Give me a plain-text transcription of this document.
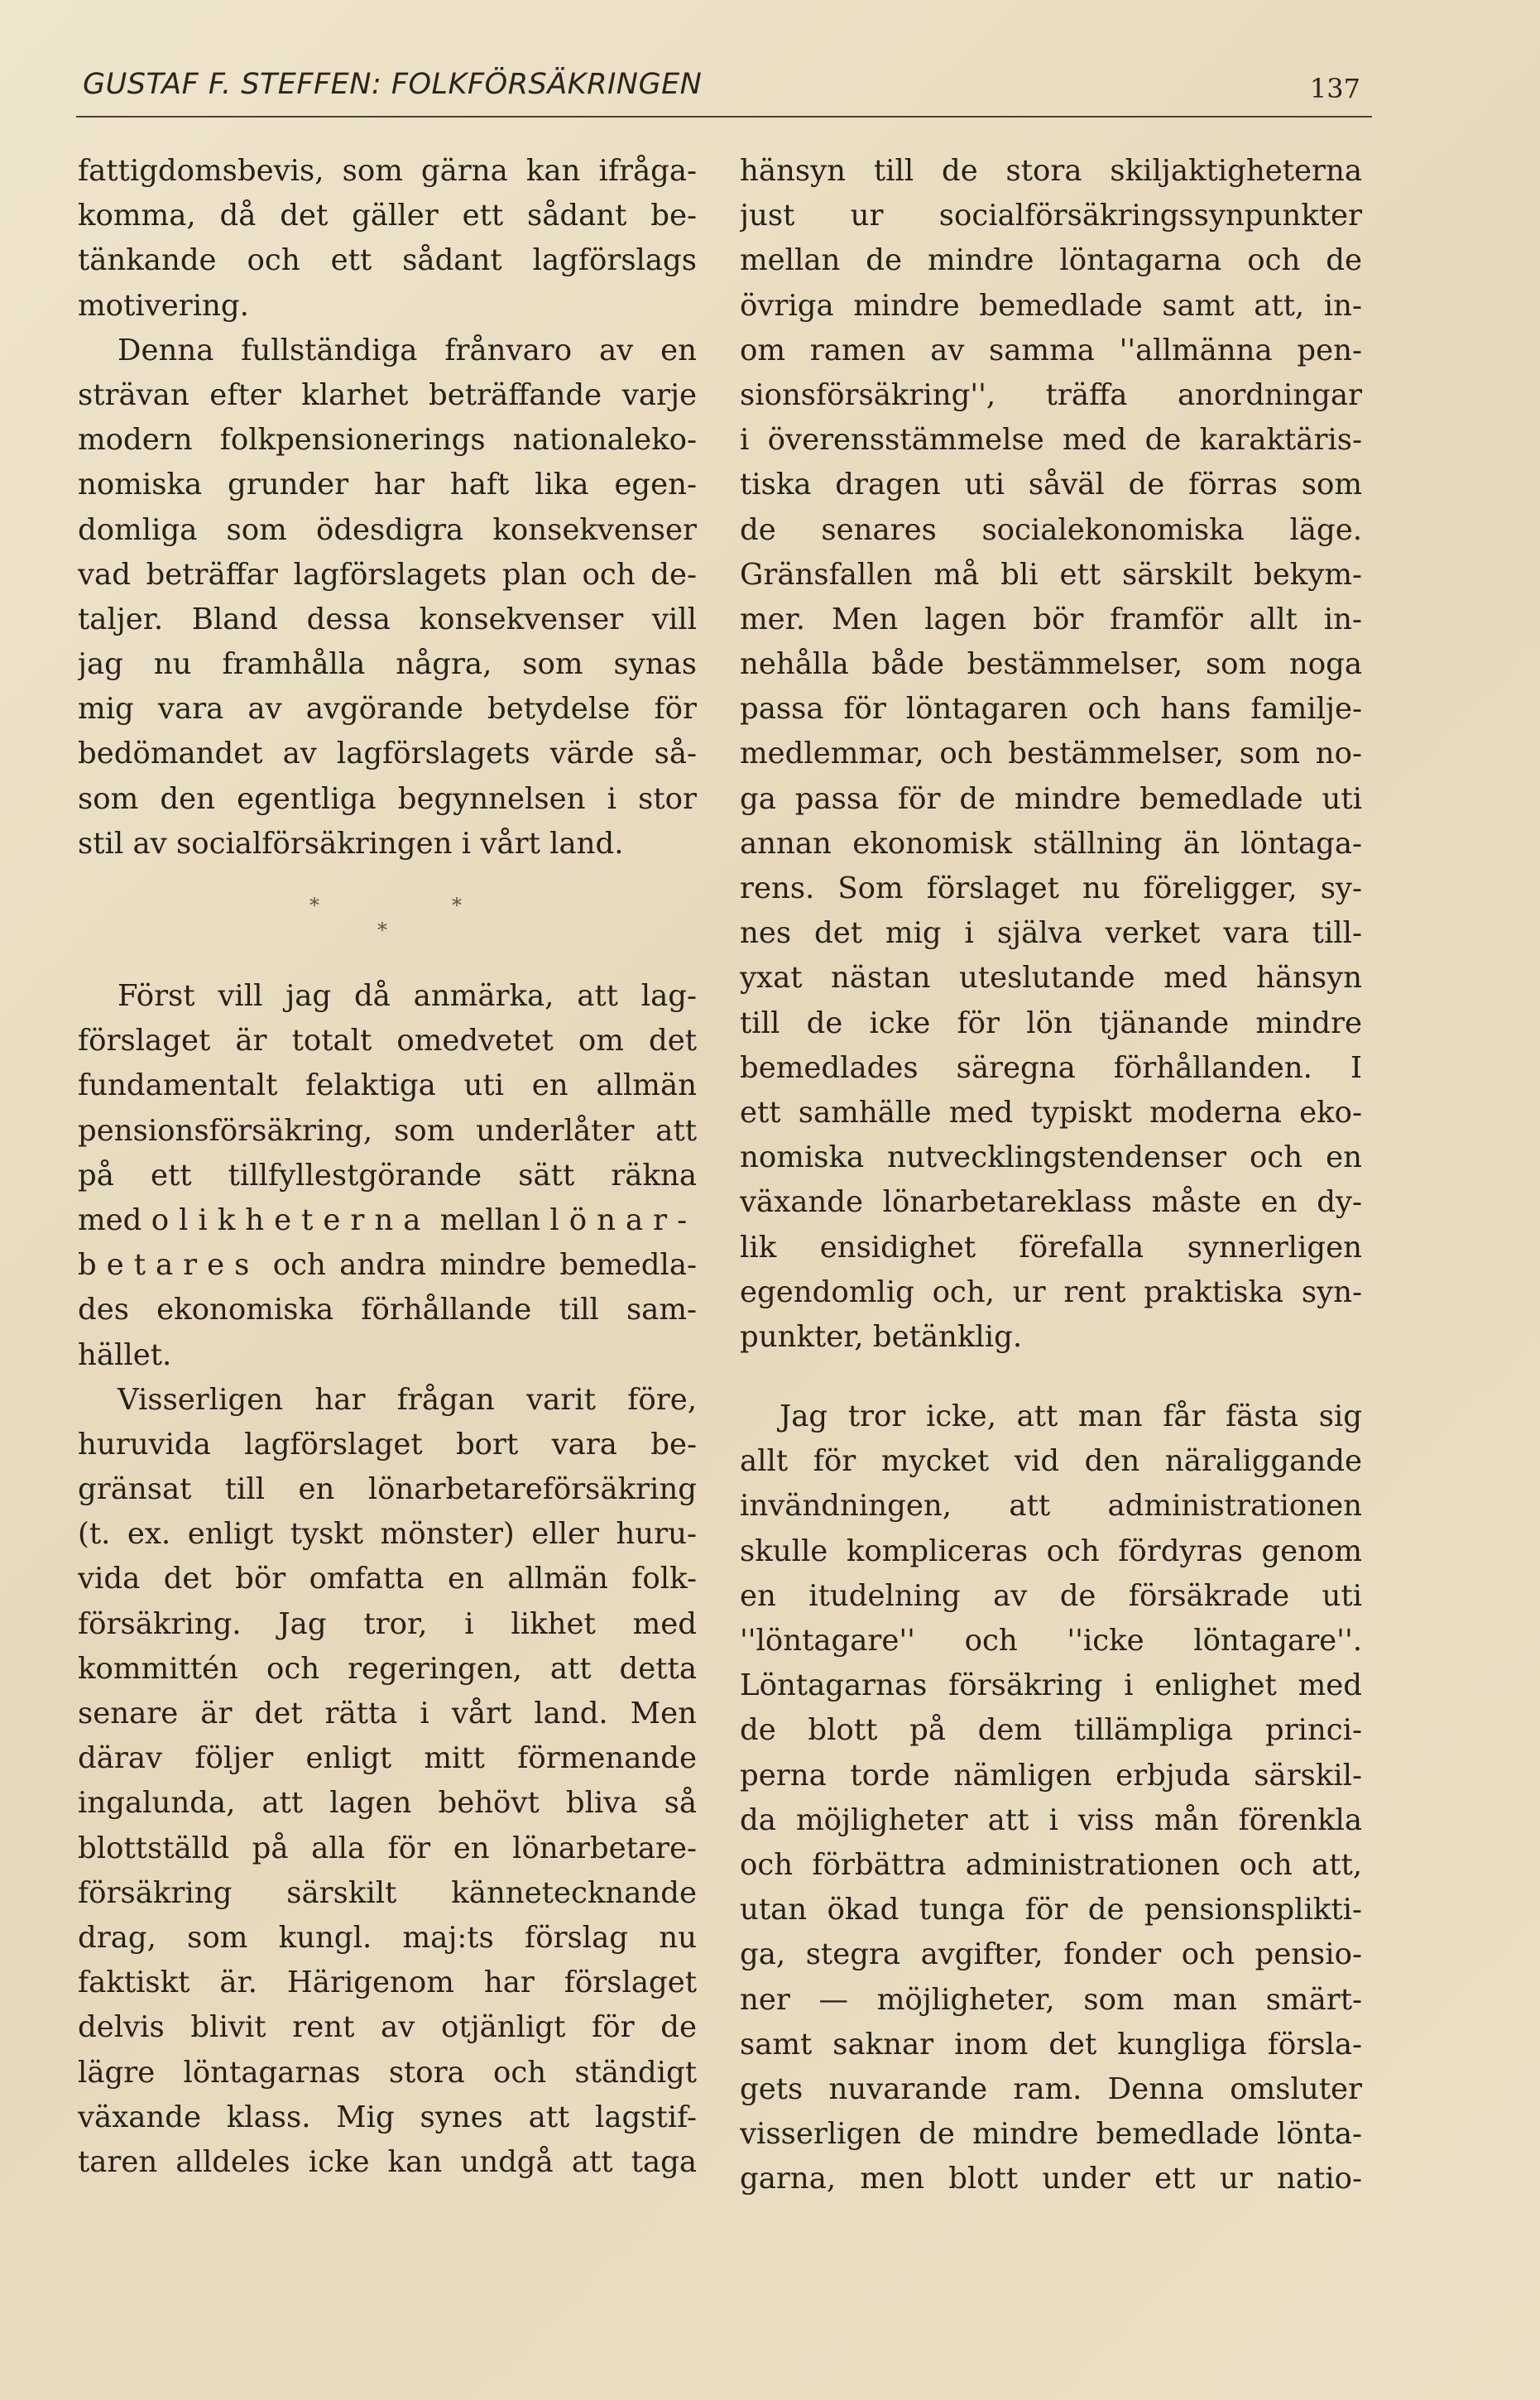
GUSTAF F. STEFFEN: FOLKFÖRSÄKRINGEN	137
fattigdomsbevis, som gärna kan ifråga-
komma, då det gäller ett sådant be-
tänkande och ett sådant lagförslags
motivering.
Denna fullständiga frånvaro av en
strävan efter klarhet beträffande varje
modern folkpensionerings nationaleko-
nomiska grunder har haft lika egen-
domliga som ödesdigra konsekvenser
vad beträffar lagförslagets plan och de-
taljer. Bland dessa konsekvenser vill
jag nu framhålla några, som synas
mig vara av avgörande betydelse för
bedömandet av lagförslagets värde så-
som den egentliga begynnelsen i stor
stil av socialförsäkringen i vårt land.
Först vill jag då anmärka, att lag-
förslaget är totalt omedvetet om det
fundamentalt felaktiga uti en allmän
pensionsförsäkring, som underlåter att
på ett tillfyllestgörande sätt räkna
med olikheterna mellan lönar-
betares och andra mindre bemedla-
des ekonomiska förhållande till sam-
hället.
Visserligen har frågan varit före,
huruvida lagförslaget bort vara be-
gränsat till en lönarbetareförsäkring
(t. ex. enligt tyskt mönster) eller huru-
vida det bör omfatta en allmän folk-
försäkring. Jag tror, i likhet med
kommittén och regeringen, att detta
senare är det rätta i vårt land. Men
därav följer enligt mitt förmenande
ingalunda, att lagen behövt bliva så
blottställd på alla för en lönarbetare-
försäkring särskilt kännetecknande
drag, som kungl. maj:ts förslag nu
faktiskt är. Härigenom har förslaget
delvis blivit rent av otjänligt för de
lägre löntagarnas stora och ständigt
växande klass. Mig synes att lagstif-
taren alldeles icke kan undgå att taga
*
*
*
hänsyn till de stora skiljaktigheterna
just ur socialförsäkringssynpunkter
mellan de mindre löntagarna och de
övriga mindre bemedlade samt att, in-
om ramen av samma ''allmänna pen-
sionsförsäkring'', träffa anordningar
i överensstämmelse med de karaktäris-
tiska dragen uti såväl de förras som
de senares socialekonomiska läge.
Gränsfallen må bli ett särskilt bekym-
mer. Men lagen bör framför allt in-
nehålla både bestämmelser, som noga
passa för löntagaren och hans familje-
medlemmar, och bestämmelser, som no-
ga passa för de mindre bemedlade uti
annan ekonomisk ställning än löntaga-
rens. Som förslaget nu föreligger, sy-
nes det mig i själva verket vara till-
yxat nästan uteslutande med hänsyn
till de icke för lön tjänande mindre
bemedlades säregna förhållanden. I
ett samhälle med typiskt moderna eko-
nomiska nutvecklingstendenser och en
växande lönarbetareklass måste en dy-
lik ensidighet förefalla synnerligen
egendomlig och, ur rent praktiska syn-
punkter, betänklig.
Jag tror icke, att man får fästa sig
allt för mycket vid den näraliggande
invändningen, att administrationen
skulle kompliceras och fördyras genom
en itudelning av de försäkrade uti
''löntagare'' och ''icke löntagare''.
Löntagarnas försäkring i enlighet med
de blott på dem tillämpliga princi-
perna torde nämligen erbjuda särskil-
da möjligheter att i viss mån förenkla
och förbättra administrationen och att,
utan ökad tunga för de pensionsplikti-
ga, stegra avgifter, fonder och pensio-
ner — möjligheter, som man smärt-
samt saknar inom det kungliga försla-
gets nuvarande ram. Denna omsluter
visserligen de mindre bemedlade lönta-
garna, men blott under ett ur natio-
